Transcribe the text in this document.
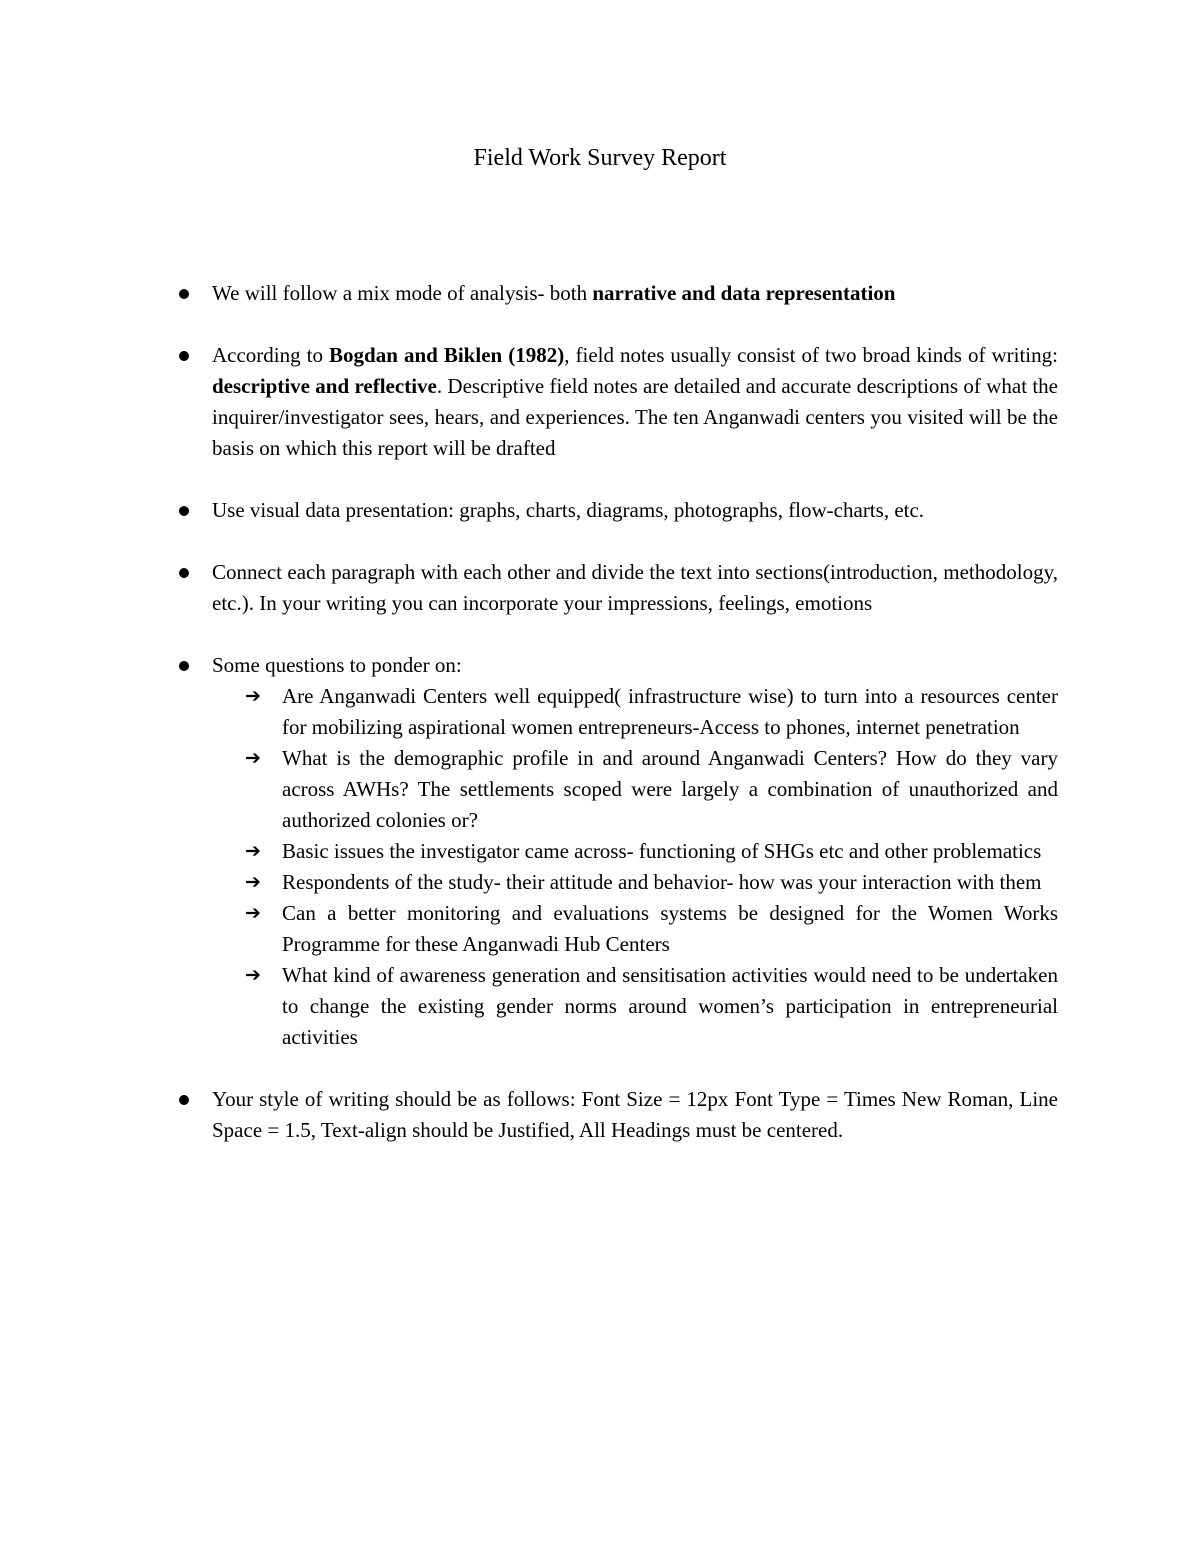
Field Work Survey Report
We will follow a mix mode of analysis- both narrative and data representation
According to Bogdan and Biklen (1982), field notes usually consist of two broad kinds of writing: descriptive and reflective. Descriptive field notes are detailed and accurate descriptions of what the inquirer/investigator sees, hears, and experiences. The ten Anganwadi centers you visited will be the basis on which this report will be drafted
Use visual data presentation: graphs, charts, diagrams, photographs, flow-charts, etc.
Connect each paragraph with each other and divide the text into sections(introduction, methodology, etc.). In your writing you can incorporate your impressions, feelings, emotions
Some questions to ponder on:
➔ Are Anganwadi Centers well equipped( infrastructure wise) to turn into a resources center for mobilizing aspirational women entrepreneurs-Access to phones, internet penetration
➔ What is the demographic profile in and around Anganwadi Centers? How do they vary across AWHs? The settlements scoped were largely a combination of unauthorized and authorized colonies or?
➔ Basic issues the investigator came across- functioning of SHGs etc and other problematics
➔ Respondents of the study- their attitude and behavior- how was your interaction with them
➔ Can a better monitoring and evaluations systems be designed for the Women Works Programme for these Anganwadi Hub Centers
➔ What kind of awareness generation and sensitisation activities would need to be undertaken to change the existing gender norms around women’s participation in entrepreneurial activities
Your style of writing should be as follows: Font Size = 12px Font Type = Times New Roman, Line Space = 1.5, Text-align should be Justified, All Headings must be centered.
